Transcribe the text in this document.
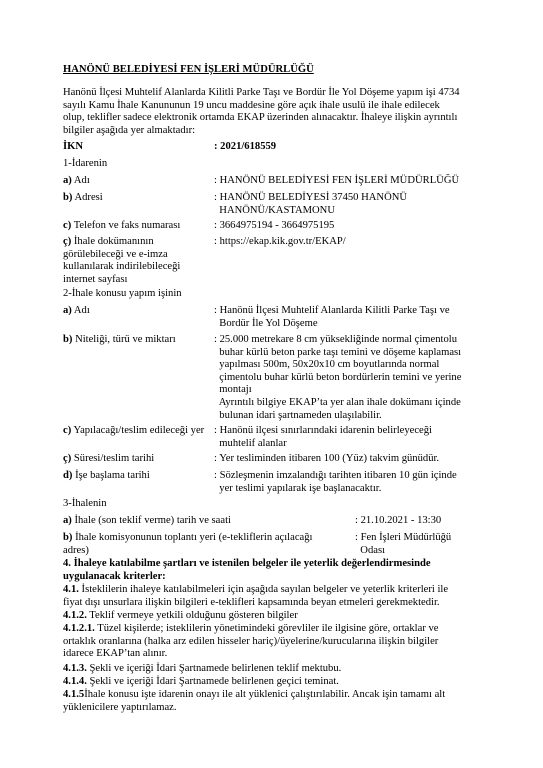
HANÖNÜ BELEDİYESİ FEN İŞLERİ MÜDÜRLÜĞÜ
Hanönü İlçesi Muhtelif Alanlarda Kilitli Parke Taşı ve Bordür İle Yol Döşeme yapım işi 4734
sayılı Kamu İhale Kanununun 19 uncu maddesine göre açık ihale usulü ile ihale edilecek
olup, teklifler sadece elektronik ortamda EKAP üzerinden alınacaktır. İhaleye ilişkin ayrıntılı
bilgiler aşağıda yer almaktadır:
İKN	: 2021/618559
1-İdarenin
a) Adı	: HANÖNÜ BELEDİYESİ FEN İŞLERİ MÜDÜRLÜĞÜ
b) Adresi	: HANÖNÜ BELEDİYESİ 37450 HANÖNÜ
HANÖNÜ/KASTAMONU
c) Telefon ve faks numarası	: 3664975194 - 3664975195
ç) İhale dokümanının
görülebileceği ve e-imza
kullanılarak indirilebileceği
internet sayfası
: https://ekap.kik.gov.tr/EKAP/
2-İhale konusu yapım işinin
a) Adı	: Hanönü İlçesi Muhtelif Alanlarda Kilitli Parke Taşı ve
Bordür İle Yol Döşeme
b) Niteliği, türü ve miktarı	: 25.000 metrekare 8 cm yüksekliğinde normal çimentolu
buhar kürlü beton parke taşı temini ve döşeme kaplaması
yapılması 500m, 50x20x10 cm boyutlarında normal
çimentolu buhar kürlü beton bordürlerin temini ve yerine
montajı
Ayrıntılı bilgiye EKAP’ta yer alan ihale dokümanı içinde
bulunan idari şartnameden ulaşılabilir.
c) Yapılacağı/teslim edileceği yer : Hanönü ilçesi sınırlarındaki idarenin belirleyeceği
muhtelif alanlar
ç) Süresi/teslim tarihi	: Yer tesliminden itibaren 100 (Yüz) takvim günüdür.
d) İşe başlama tarihi	: Sözleşmenin imzalandığı tarihten itibaren 10 gün içinde
yer teslimi yapılarak işe başlanacaktır.
3-İhalenin
a) İhale (son teklif verme) tarih ve saati	: 21.10.2021 - 13:30
b) İhale komisyonunun toplantı yeri (e-tekliflerin açılacağı
adres)
: Fen İşleri Müdürlüğü
Odası
4. İhaleye katılabilme şartları ve istenilen belgeler ile yeterlik değerlendirmesinde
uygulanacak kriterler:
4.1. İsteklilerin ihaleye katılabilmeleri için aşağıda sayılan belgeler ve yeterlik kriterleri ile
fiyat dışı unsurlara ilişkin bilgileri e-teklifleri kapsamında beyan etmeleri gerekmektedir.
4.1.2. Teklif vermeye yetkili olduğunu gösteren bilgiler
4.1.2.1. Tüzel kişilerde; isteklilerin yönetimindeki görevliler ile ilgisine göre, ortaklar ve
ortaklık oranlarına (halka arz edilen hisseler hariç)/üyelerine/kurucularına ilişkin bilgiler
idarece EKAP’tan alınır.
4.1.3. Şekli ve içeriği İdari Şartnamede belirlenen teklif mektubu.
4.1.4. Şekli ve içeriği İdari Şartnamede belirlenen geçici teminat.
4.1.5İhale konusu işte idarenin onayı ile alt yüklenici çalıştırılabilir. Ancak işin tamamı alt
yüklenicilere yaptırılamaz.
